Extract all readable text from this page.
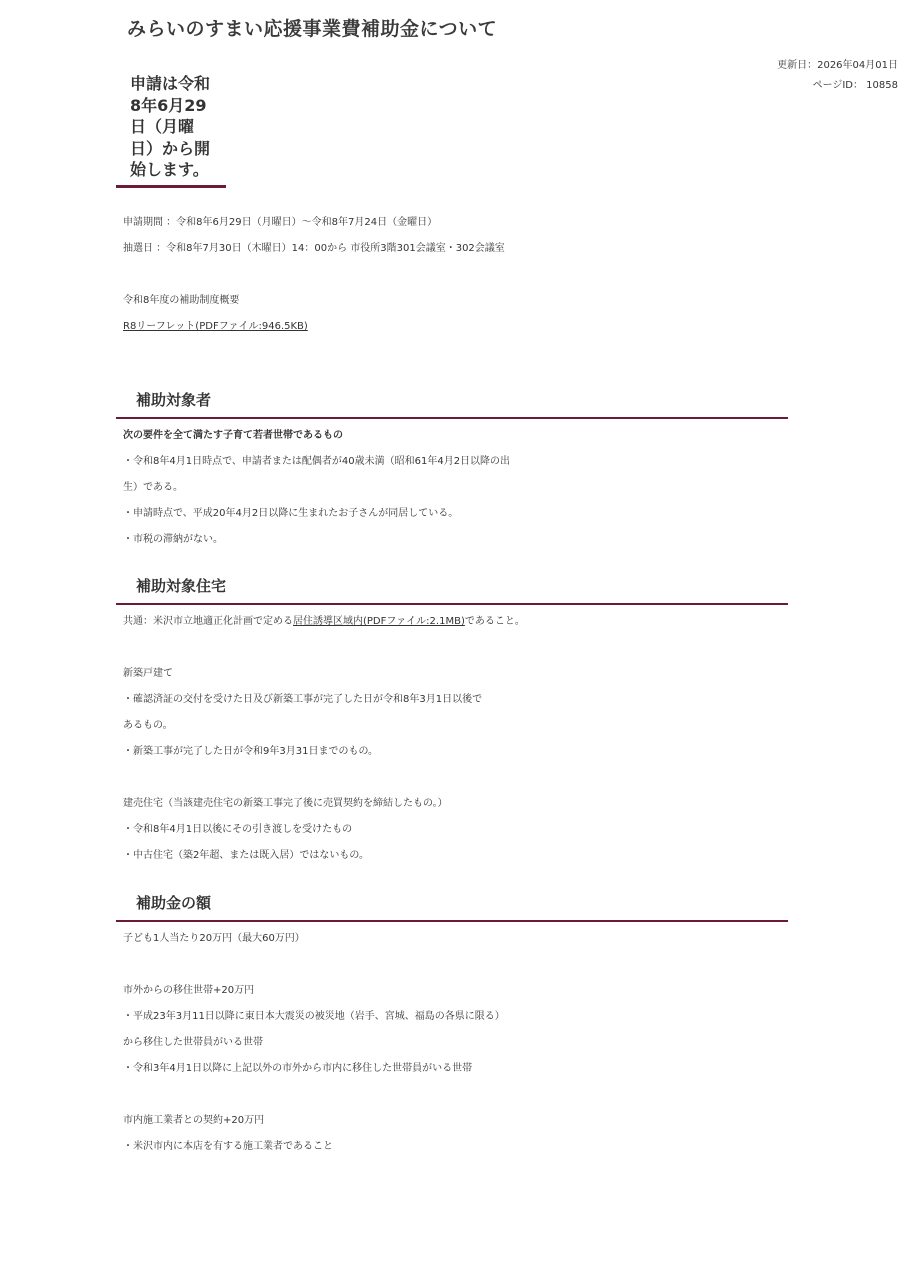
みらいのすまい応援事業費補助金について
更新日：2026年04月01日
ページID： 10858
申請は令和8年6月29日（月曜日）から開始します。
申請期間 ：令和8年6月29日（月曜日）～令和8年7月24日（金曜日）
抽選日 ：令和8年7月30日（木曜日）14：00から 市役所3階301会議室・302会議室
令和8年度の補助制度概要
R8リーフレット(PDFファイル:946.5KB)
補助対象者
次の要件を全て満たす子育て若者世帯であるもの
・令和8年4月1日時点で、申請者または配偶者が40歳未満（昭和61年4月2日以降の出
生）である。
・申請時点で、平成20年4月2日以降に生まれたお子さんが同居している。
・市税の滞納がない。
補助対象住宅
共通：米沢市立地適正化計画で定める居住誘導区域内(PDFファイル:2.1MB)であること。
新築戸建て
・確認済証の交付を受けた日及び新築工事が完了した日が令和8年3月1日以後で
あるもの。
・新築工事が完了した日が令和9年3月31日までのもの。
建売住宅（当該建売住宅の新築工事完了後に売買契約を締結したもの。）
・令和8年4月1日以後にその引き渡しを受けたもの
・中古住宅（築2年超、または既入居）ではないもの。
補助金の額
子ども1人当たり20万円（最大60万円）
市外からの移住世帯+20万円
・平成23年3月11日以降に東日本大震災の被災地（岩手、宮城、福島の各県に限る）
から移住した世帯員がいる世帯
・令和3年4月1日以降に上記以外の市外から市内に移住した世帯員がいる世帯
市内施工業者との契約+20万円
・米沢市内に本店を有する施工業者であること
